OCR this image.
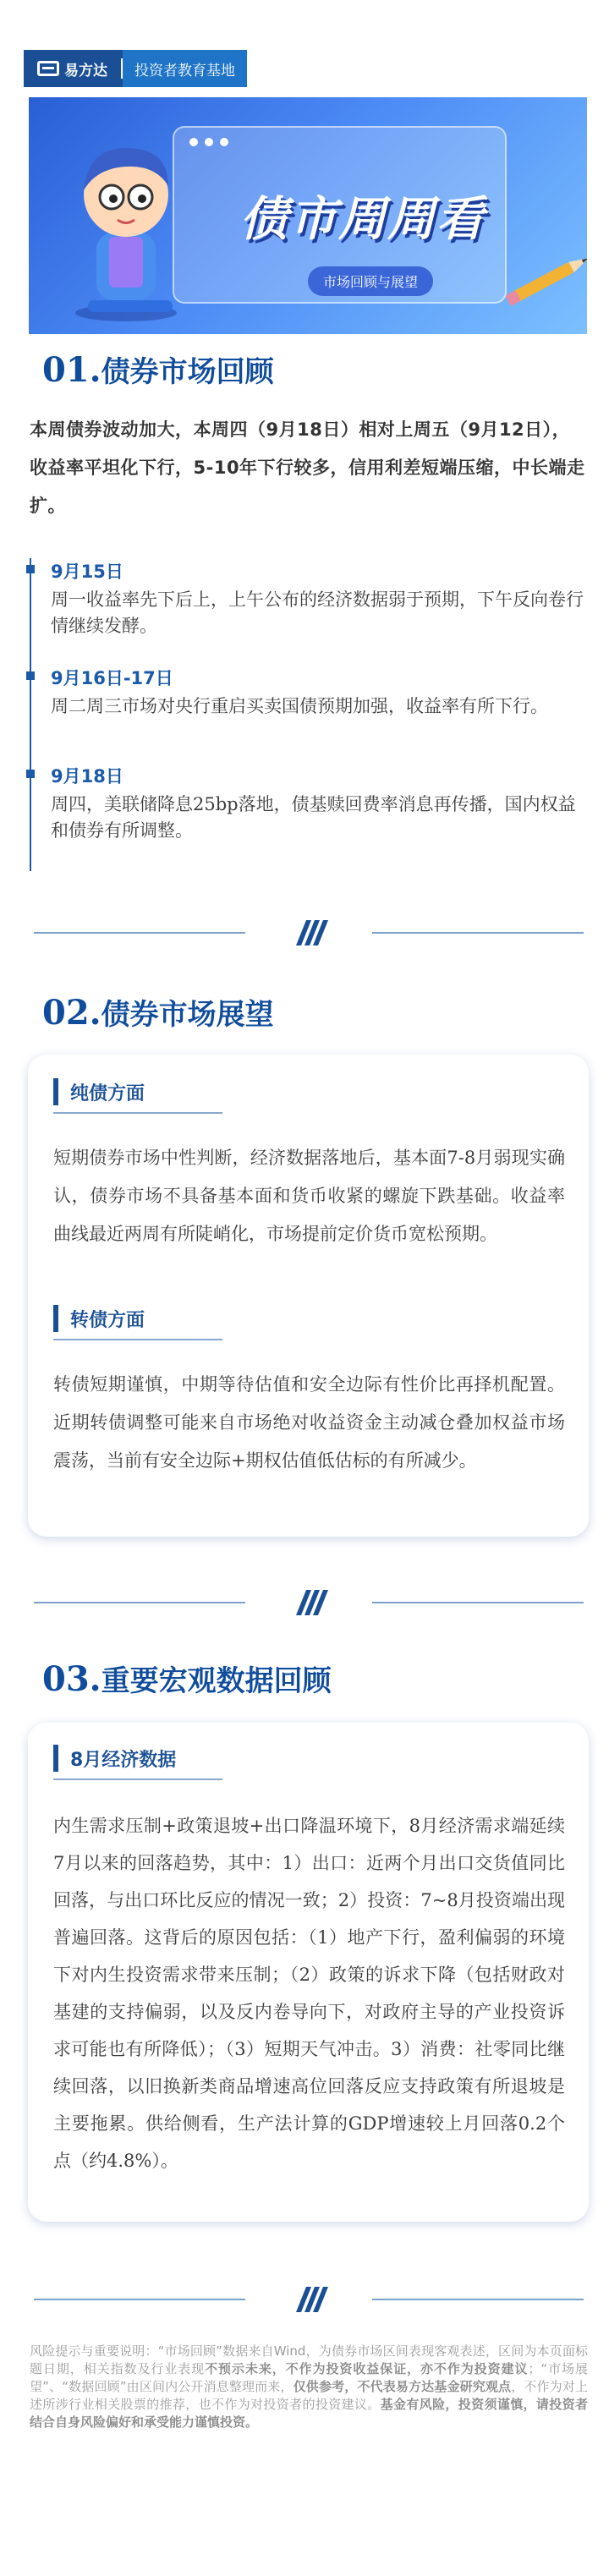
易方达	投资者教育基地
债市周周看
市场回顾与展望
01.债券市场回顾
本周债券波动加大，本周四（9月18日）相对上周五（9月12日），收益率平坦化下行，5-10年下行较多，信用利差短端压缩，中长端走扩。
9月15日
周一收益率先下后上，上午公布的经济数据弱于预期，下午反向卷行情继续发酵。
9月16日-17日
周二周三市场对央行重启买卖国债预期加强，收益率有所下行。
9月18日
周四，美联储降息25bp落地，债基赎回费率消息再传播，国内权益和债券有所调整。
02.债券市场展望
纯债方面
短期债券市场中性判断，经济数据落地后，基本面7-8月弱现实确认，债券市场不具备基本面和货币收紧的螺旋下跌基础。收益率曲线最近两周有所陡峭化，市场提前定价货币宽松预期。
转债方面
转债短期谨慎，中期等待估值和安全边际有性价比再择机配置。近期转债调整可能来自市场绝对收益资金主动减仓叠加权益市场震荡，当前有安全边际+期权估值低估标的有所减少。
03.重要宏观数据回顾
8月经济数据
内生需求压制+政策退坡+出口降温环境下，8月经济需求端延续7月以来的回落趋势，其中：1）出口：近两个月出口交货值同比回落，与出口环比反应的情况一致；2）投资：7~8月投资端出现普遍回落。这背后的原因包括：（1）地产下行，盈利偏弱的环境下对内生投资需求带来压制；（2）政策的诉求下降（包括财政对基建的支持偏弱，以及反内卷导向下，对政府主导的产业投资诉求可能也有所降低）；（3）短期天气冲击。3）消费：社零同比继续回落，以旧换新类商品增速高位回落反应支持政策有所退坡是主要拖累。供给侧看，生产法计算的GDP增速较上月回落0.2个点（约4.8%）。
风险提示与重要说明：“市场回顾”数据来自Wind，为债券市场区间表现客观表述，区间为本页面标题日期，相关指数及行业表现不预示未来，不作为投资收益保证，亦不作为投资建议；“市场展望”、“数据回顾”由区间内公开消息整理而来，仅供参考，不代表易方达基金研究观点，不作为对上述所涉行业相关股票的推荐，也不作为对投资者的投资建议。基金有风险，投资须谨慎，请投资者结合自身风险偏好和承受能力谨慎投资。
